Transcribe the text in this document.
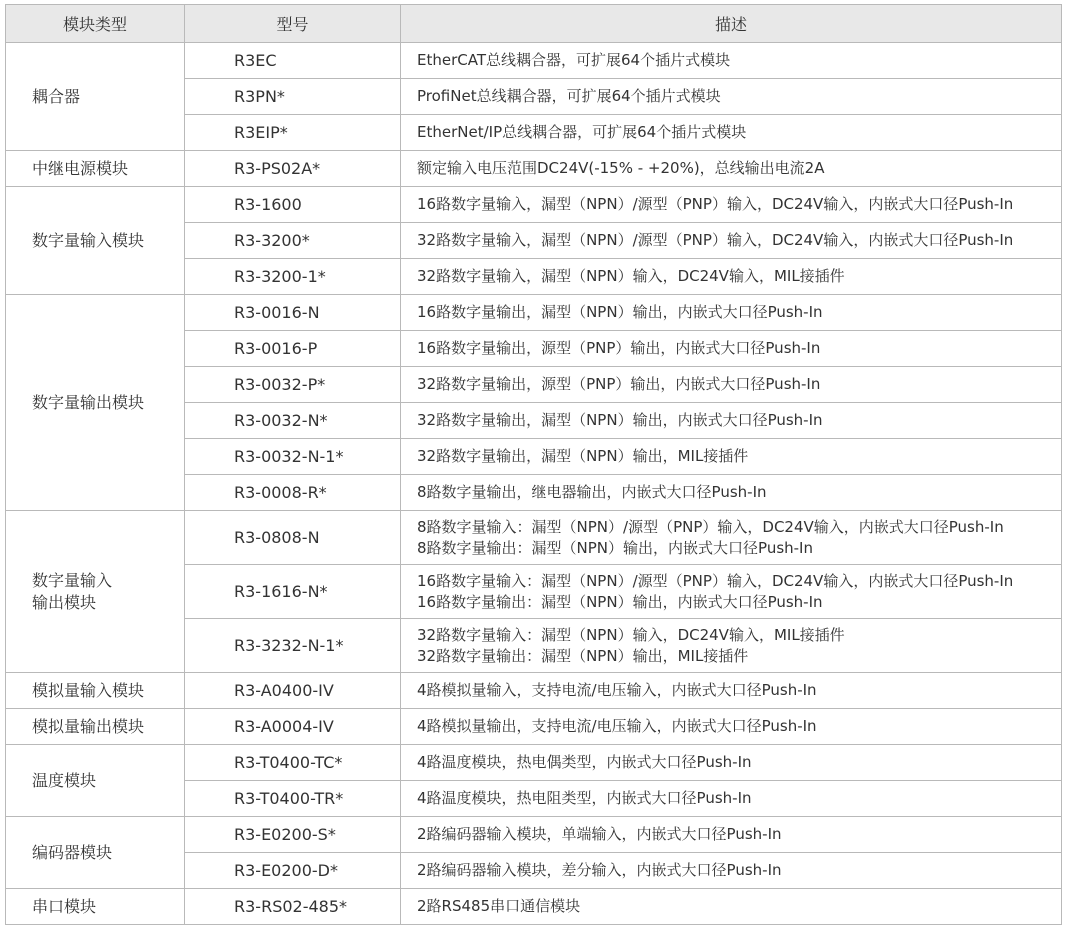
模块类型	型号	描述

耦合器	R3EC	EtherCAT总线耦合器，可扩展64个插片式模块

	R3PN*	ProfiNet总线耦合器，可扩展64个插片式模块

	R3EIP*	EtherNet/IP总线耦合器，可扩展64个插片式模块

中继电源模块	R3-PS02A*	额定输入电压范围DC24V(-15% - +20%)，总线输出电流2A

数字量输入模块	R3-1600	16路数字量输入，漏型（NPN）/源型（PNP）输入，DC24V输入，内嵌式大口径Push-In

	R3-3200*	32路数字量输入，漏型（NPN）/源型（PNP）输入，DC24V输入，内嵌式大口径Push-In

	R3-3200-1*	32路数字量输入，漏型（NPN）输入，DC24V输入，MIL接插件

数字量输出模块	R3-0016-N	16路数字量输出，漏型（NPN）输出，内嵌式大口径Push-In

	R3-0016-P	16路数字量输出，源型（PNP）输出，内嵌式大口径Push-In

	R3-0032-P*	32路数字量输出，源型（PNP）输出，内嵌式大口径Push-In

	R3-0032-N*	32路数字量输出，漏型（NPN）输出，内嵌式大口径Push-In

	R3-0032-N-1*	32路数字量输出，漏型（NPN）输出，MIL接插件

	R3-0008-R*	8路数字量输出，继电器输出，内嵌式大口径Push-In

数字量输入
输出模块	R3-0808-N	8路数字量输入：漏型（NPN）/源型（PNP）输入，DC24V输入，内嵌式大口径Push-In
8路数字量输出：漏型（NPN）输出，内嵌式大口径Push-In

	R3-1616-N*	16路数字量输入：漏型（NPN）/源型（PNP）输入，DC24V输入，内嵌式大口径Push-In
16路数字量输出：漏型（NPN）输出，内嵌式大口径Push-In

	R3-3232-N-1*	32路数字量输入：漏型（NPN）输入，DC24V输入，MIL接插件
32路数字量输出：漏型（NPN）输出，MIL接插件

模拟量输入模块	R3-A0400-IV	4路模拟量输入，支持电流/电压输入，内嵌式大口径Push-In

模拟量输出模块	R3-A0004-IV	4路模拟量输出，支持电流/电压输入，内嵌式大口径Push-In

温度模块	R3-T0400-TC*	4路温度模块，热电偶类型，内嵌式大口径Push-In

	R3-T0400-TR*	4路温度模块，热电阻类型，内嵌式大口径Push-In

编码器模块	R3-E0200-S*	2路编码器输入模块，单端输入，内嵌式大口径Push-In

	R3-E0200-D*	2路编码器输入模块，差分输入，内嵌式大口径Push-In

串口模块	R3-RS02-485*	2路RS485串口通信模块
